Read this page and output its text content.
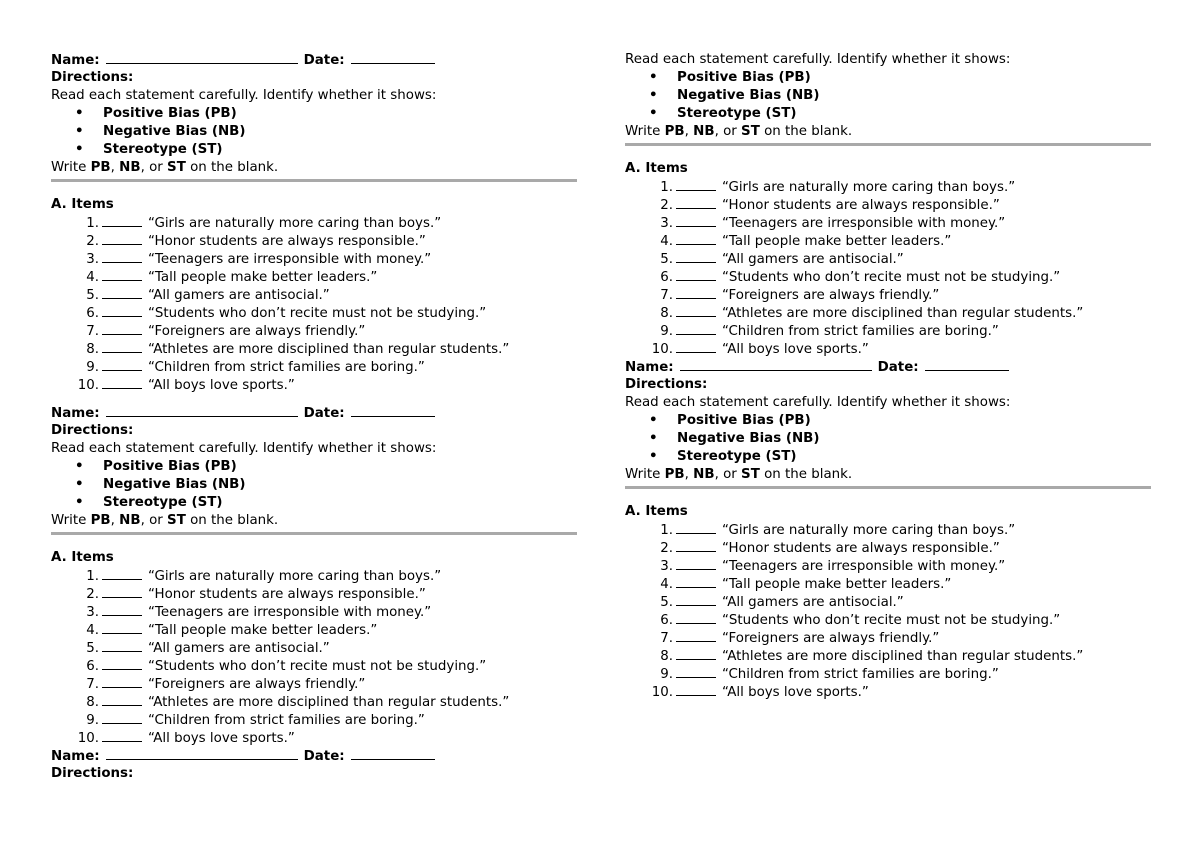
Name:	Date:
Directions:
Read each statement carefully. Identify whether it shows:
• Positive Bias (PB)
• Negative Bias (NB)
• Stereotype (ST)
Write PB, NB, or ST on the blank.
A. Items
1.	“Girls are naturally more caring than boys.”
2.	“Honor students are always responsible.”
3.	“Teenagers are irresponsible with money.”
4.	“Tall people make better leaders.”
5.	“All gamers are antisocial.”
6.	“Students who don’t recite must not be studying.”
7.	“Foreigners are always friendly.”
8.	“Athletes are more disciplined than regular students.”
9.	“Children from strict families are boring.”
10.	“All boys love sports.”
Name:	Date:
Directions:
Read each statement carefully. Identify whether it shows:
• Positive Bias (PB)
• Negative Bias (NB)
• Stereotype (ST)
Write PB, NB, or ST on the blank.
A. Items
1.	“Girls are naturally more caring than boys.”
2.	“Honor students are always responsible.”
3.	“Teenagers are irresponsible with money.”
4.	“Tall people make better leaders.”
5.	“All gamers are antisocial.”
6.	“Students who don’t recite must not be studying.”
7.	“Foreigners are always friendly.”
8.	“Athletes are more disciplined than regular students.”
9.	“Children from strict families are boring.”
10.	“All boys love sports.”
Name:	Date:
Directions:
Read each statement carefully. Identify whether it shows:
• Positive Bias (PB)
• Negative Bias (NB)
• Stereotype (ST)
Write PB, NB, or ST on the blank.
A. Items
1.	“Girls are naturally more caring than boys.”
2.	“Honor students are always responsible.”
3.	“Teenagers are irresponsible with money.”
4.	“Tall people make better leaders.”
5.	“All gamers are antisocial.”
6.	“Students who don’t recite must not be studying.”
7.	“Foreigners are always friendly.”
8.	“Athletes are more disciplined than regular students.”
9.	“Children from strict families are boring.”
10.	“All boys love sports.”
Name:	Date:
Directions:
Read each statement carefully. Identify whether it shows:
• Positive Bias (PB)
• Negative Bias (NB)
• Stereotype (ST)
Write PB, NB, or ST on the blank.
A. Items
1.	“Girls are naturally more caring than boys.”
2.	“Honor students are always responsible.”
3.	“Teenagers are irresponsible with money.”
4.	“Tall people make better leaders.”
5.	“All gamers are antisocial.”
6.	“Students who don’t recite must not be studying.”
7.	“Foreigners are always friendly.”
8.	“Athletes are more disciplined than regular students.”
9.	“Children from strict families are boring.”
10.	“All boys love sports.”
